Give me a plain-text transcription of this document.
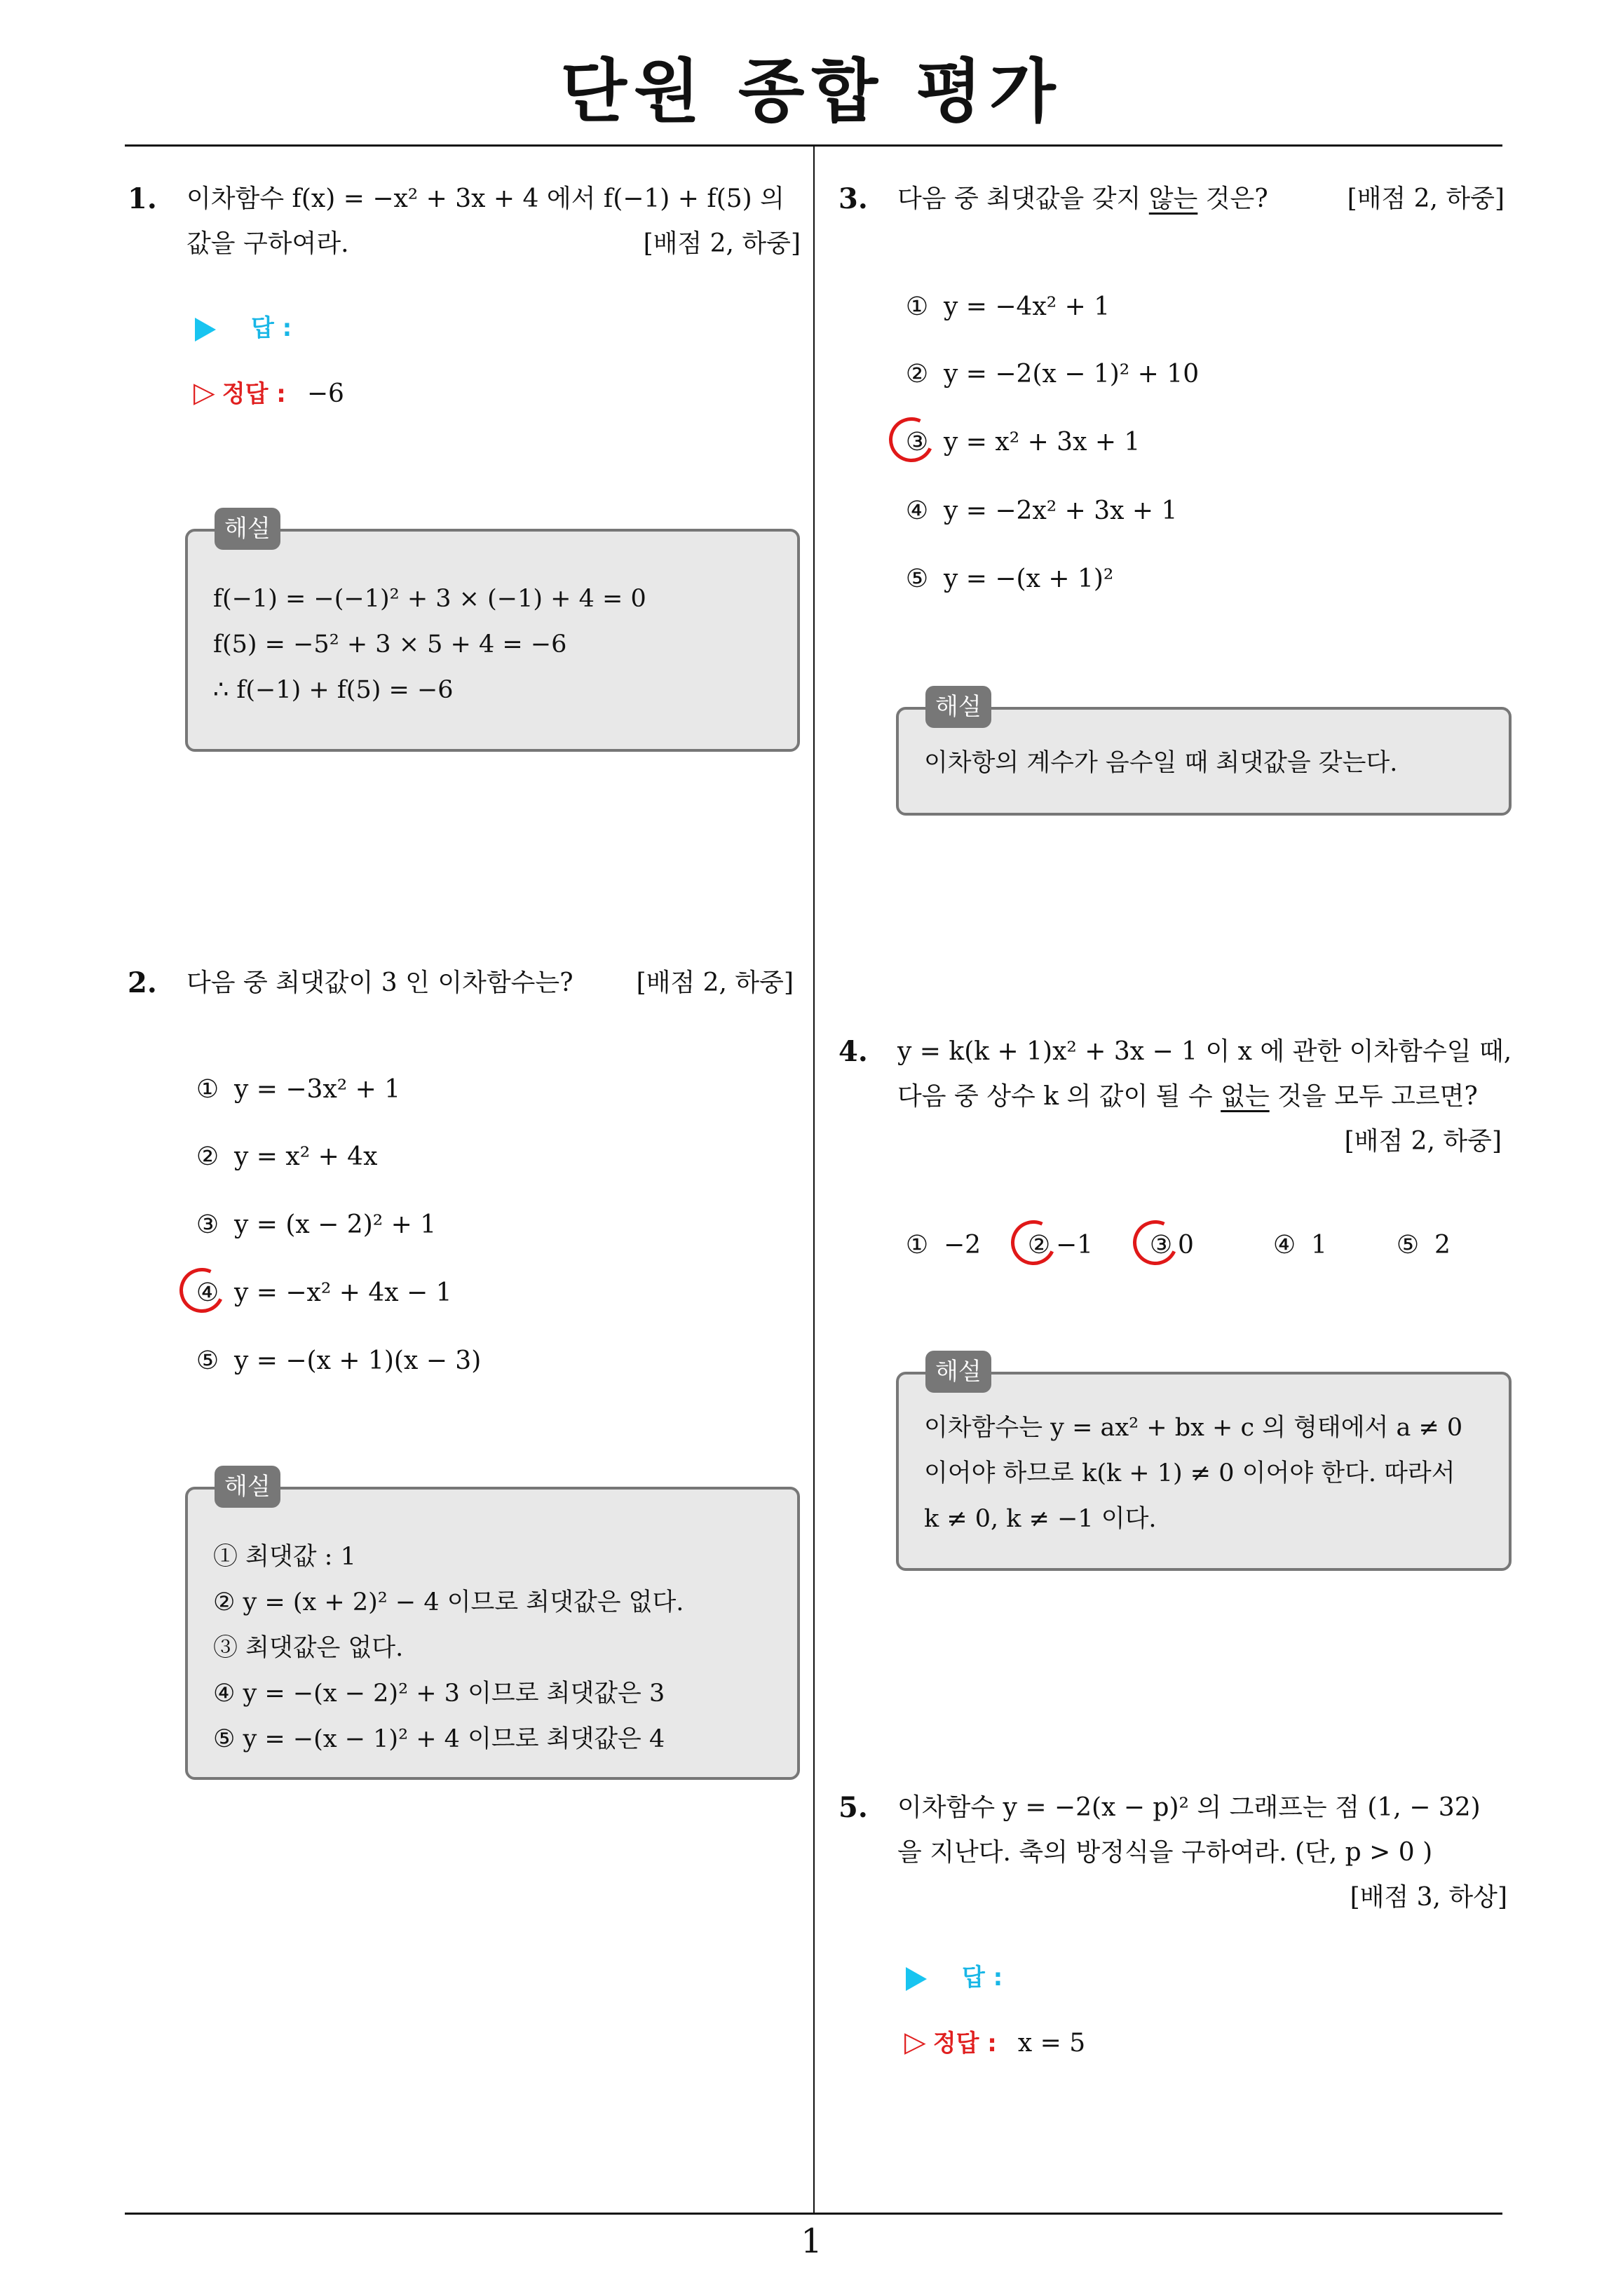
단원 종합 평가
1
1. 이차함수 f(x) = −x² + 3x + 4 에서 f(−1) + f(5) 의
값을 구하여라.	[배점 2, 하중]
답 :
▷ 정답 : −6
해설
f(−1) = −(−1)² + 3 × (−1) + 4 = 0
f(5) = −5² + 3 × 5 + 4 = −6
∴ f(−1) + f(5) = −6
2. 다음 중 최댓값이 3 인 이차함수는?	[배점 2, 하중]
① y = −3x² + 1
② y = x² + 4x
③ y = (x − 2)² + 1
④ y = −x² + 4x − 1
⑤ y = −(x + 1)(x − 3)
해설
① 최댓값 : 1
② y = (x + 2)² − 4 이므로 최댓값은 없다.
③ 최댓값은 없다.
④ y = −(x − 2)² + 3 이므로 최댓값은 3
⑤ y = −(x − 1)² + 4 이므로 최댓값은 4
3. 다음 중 최댓값을 갖지 않는 것은?	[배점 2, 하중]
① y = −4x² + 1
② y = −2(x − 1)² + 10
③ y = x² + 3x + 1
④ y = −2x² + 3x + 1
⑤ y = −(x + 1)²
해설
이차항의 계수가 음수일 때 최댓값을 갖는다.
4. y = k(k + 1)x² + 3x − 1 이 x 에 관한 이차함수일 때,
다음 중 상수 k 의 값이 될 수 없는 것을 모두 고르면?
[배점 2, 하중]
① −2 ② −1 ③ 0	④ 1	⑤ 2
해설
이차함수는 y = ax² + bx + c 의 형태에서 a ≠ 0
이어야 하므로 k(k + 1) ≠ 0 이어야 한다. 따라서
k ≠ 0, k ≠ −1 이다.
5. 이차함수 y = −2(x − p)² 의 그래프는 점 (1, − 32)
을 지난다. 축의 방정식을 구하여라. (단, p > 0 )
[배점 3, 하상]
답 :
▷ 정답 : x = 5
